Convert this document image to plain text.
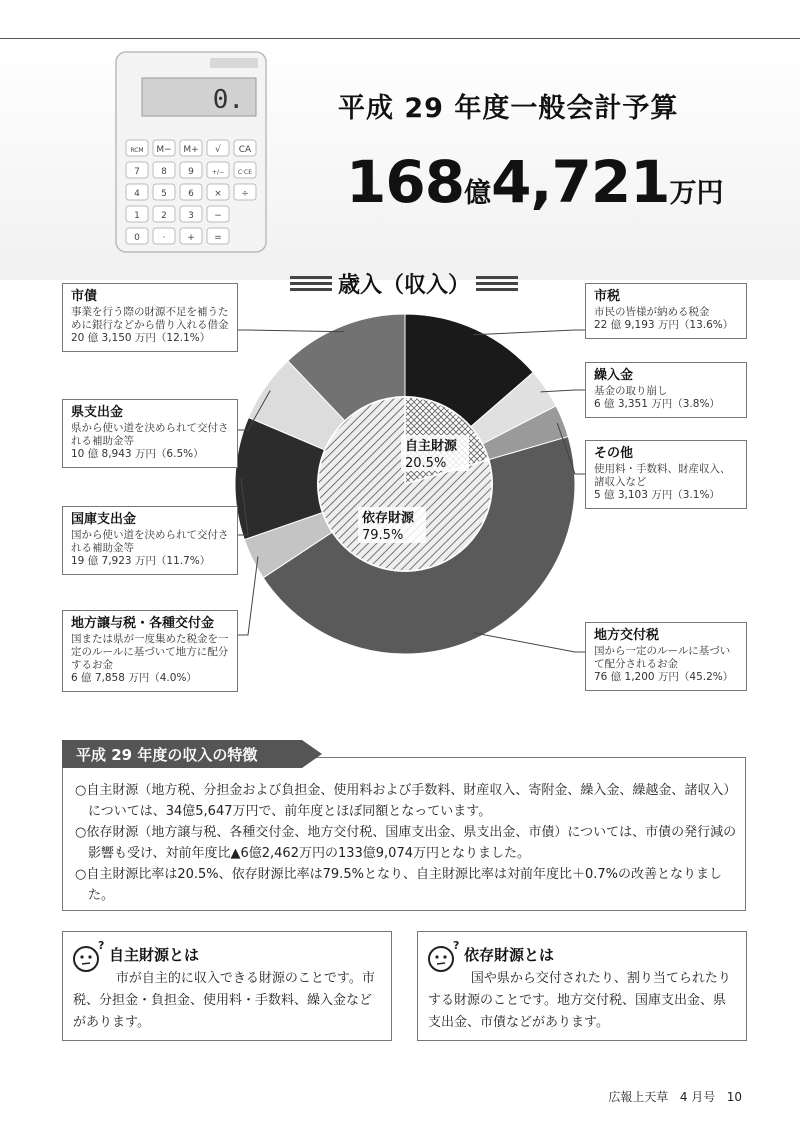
0.
RCM M− M+ √ CA
7 8 9	+/− C·CE
4 5 6 × ÷
1 2 3 −
0	· + =
平成 29 年度一般会計予算
168億4,721万円
歳入（収入）
自主財源
20.5%
依存財源
79.5%
市債
事業を行う際の財源不足を補うために銀行などから借り入れる借金
20 億 3,150 万円（12.1%）
県支出金
県から使い道を決められて交付される補助金等
10 億 8,943 万円（6.5%）
国庫支出金
国から使い道を決められて交付される補助金等
19 億 7,923 万円（11.7%）
地方譲与税・各種交付金
国または県が一度集めた税金を一定のルールに基づいて地方に配分するお金
6 億 7,858 万円（4.0%）
市税
市民の皆様が納める税金
22 億 9,193 万円（13.6%）
繰入金
基金の取り崩し
6 億 3,351 万円（3.8%）
その他
使用料・手数料、財産収入、諸収入など
5 億 3,103 万円（3.1%）
地方交付税
国から一定のルールに基づいて配分されるお金
76 億 1,200 万円（45.2%）
○自主財源（地方税、分担金および負担金、使用料および手数料、財産収入、寄附金、繰入金、繰越金、諸収入）については、34億5,647万円で、前年度とほぼ同額となっています。
○依存財源（地方譲与税、各種交付金、地方交付税、国庫支出金、県支出金、市債）については、市債の発行減の影響も受け、対前年度比▲6億2,462万円の133億9,074万円となりました。
○自主財源比率は20.5%、依存財源比率は79.5%となり、自主財源比率は対前年度比＋0.7%の改善となりました。
平成 29 年度の収入の特徴
?
自主財源とは
市が自主的に収入できる財源のことです。市税、分担金・負担金、使用料・手数料、繰入金などがあります。
?
依存財源とは
国や県から交付されたり、割り当てられたりする財源のことです。地方交付税、国庫支出金、県支出金、市債などがあります。
広報上天草 4 月号 10
